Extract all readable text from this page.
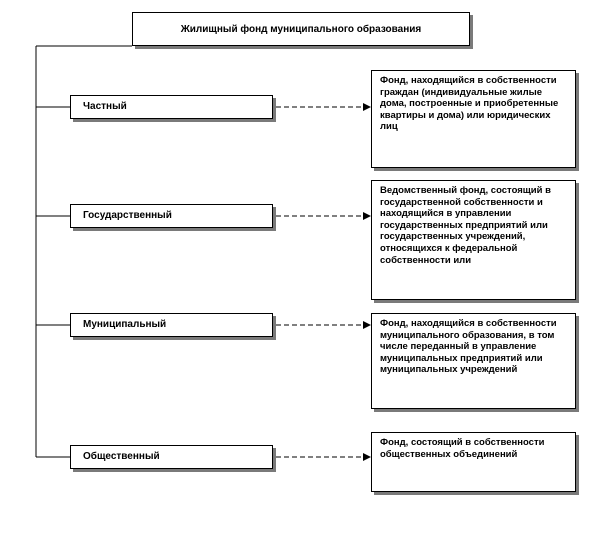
Жилищный фонд муниципального образования
Частный
Фонд, находящийся в собственности граждан (индивидуальные жилые дома, построенные и приобретенные квартиры и дома) или юридических лиц
Государственный
Ведомственный фонд, состоящий в государственной собственности и находящийся в управлении государственных предприятий или государственных учреждений, относящихся к федеральной собственности или
Муниципальный	Фонд, находящийся в собственности муниципального образования, в том числе переданный в управление муниципальных предприятий или муниципальных учреждений
Общественный
Фонд, состоящий в собственности общественных объединений
